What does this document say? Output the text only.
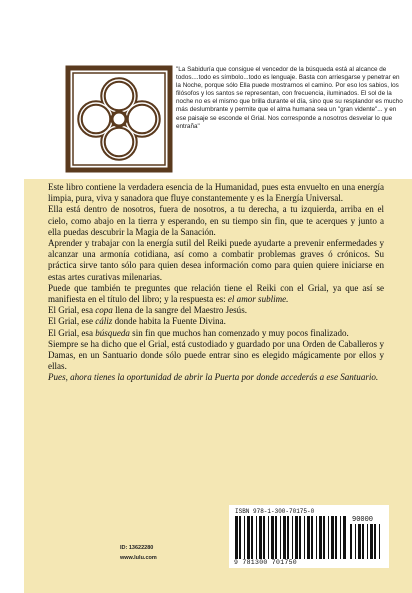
"La Sabiduría que consigue el vencedor de la búsqueda está al alcance de todos....todo es símbolo...todo es lenguaje. Basta con arriesgarse y penetrar en la Noche, porque sólo Ella puede mostrarnos el camino. Por eso los sabios, los filósofos y los santos se representan, con frecuencia, iluminados. El sol de la noche no es el mismo que brilla durante el día, sino que su resplandor es mucho más deslumbrante y permite que el alma humana sea un "gran vidente"... y en ese paisaje se esconde el Grial. Nos corresponde a nosotros desvelar lo que entraña"

Este libro contiene la verdadera esencia de la Humanidad, pues esta envuelto en una energía limpia, pura, viva y sanadora que fluye constantemente y es la Energía Universal.

Ella está dentro de nosotros, fuera de nosotros, a tu derecha, a tu izquierda, arriba en el cielo, como abajo en la tierra y esperando, en su tiempo sin fin, que te acerques y junto a ella puedas descubrir la Magia de la Sanación.

Aprender y trabajar con la energía sutil del Reiki puede ayudarte a prevenir enfermedades y alcanzar una armonía cotidiana, así como a combatir problemas graves ó crónicos. Su práctica sirve tanto sólo para quien desea información como para quien quiere iniciarse en estas artes curativas milenarias.

Puede que también te preguntes que relación tiene el Reiki con el Grial, ya que así se manifiesta en el título del libro; y la respuesta es: el amor sublime.

El Grial, esa copa llena de la sangre del Maestro Jesús.

El Grial, ese cáliz donde habita la Fuente Divina.

El Grial, esa búsqueda sin fin que muchos han comenzado y muy pocos finalizado.

Siempre se ha dicho que el Grial, está custodiado y guardado por una Orden de Caballeros y Damas, en un Santuario donde sólo puede entrar sino es elegido mágicamente por ellos y ellas.

Pues, ahora tienes la oportunidad de abrir la Puerta por donde accederás a ese Santuario.

ISBN 978-1-300-70175-0
90000
9 781300 701750
ID: 13622280
www.lulu.com
